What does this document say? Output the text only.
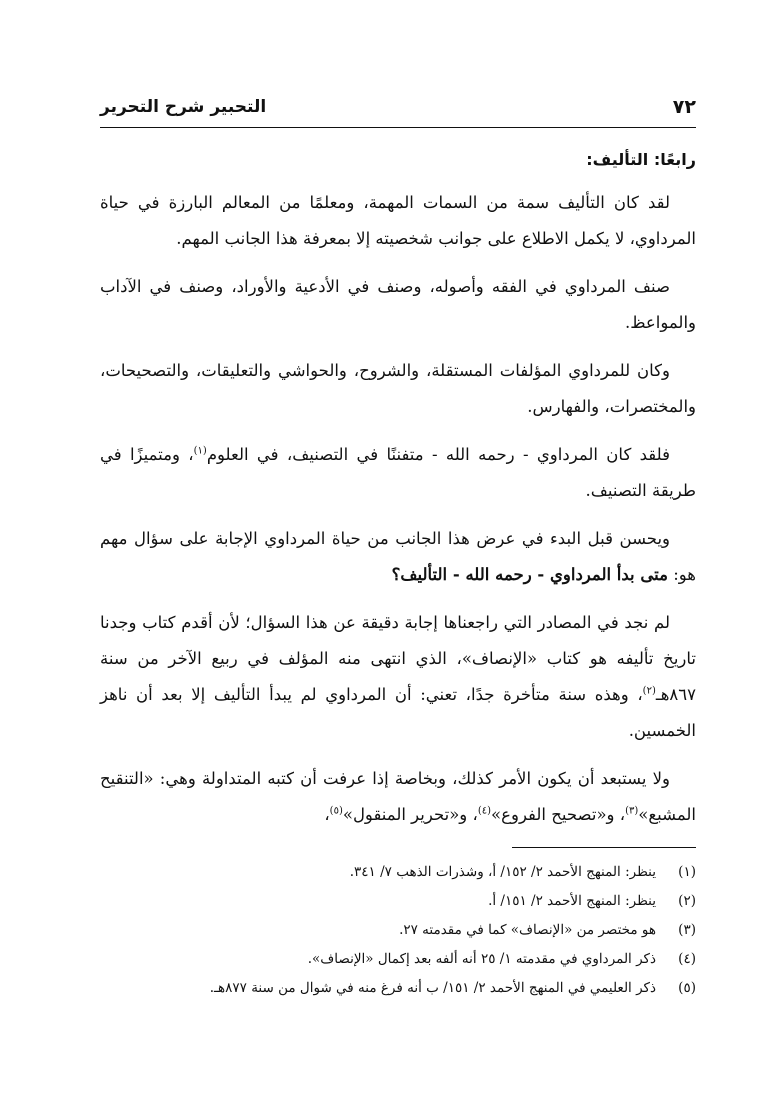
٧٢
التحبير شرح التحرير
رابعًا: التأليف:

لقد كان التأليف سمة من السمات المهمة، ومعلمًا من المعالم البارزة في حياة المرداوي، لا يكمل الاطلاع على جوانب شخصيته إلا بمعرفة هذا الجانب المهم.

صنف المرداوي في الفقه وأصوله، وصنف في الأدعية والأوراد، وصنف في الآداب والمواعظ.

وكان للمرداوي المؤلفات المستقلة، والشروح، والحواشي والتعليقات، والتصحيحات، والمختصرات، والفهارس.

فلقد كان المرداوي - رحمه الله - متفننًا في التصنيف، في العلوم$^{(١)}$، ومتميزًا في طريقة التصنيف.

ويحسن قبل البدء في عرض هذا الجانب من حياة المرداوي الإجابة على سؤال مهم هو: متى بدأ المرداوي - رحمه الله - التأليف؟

لم نجد في المصادر التي راجعناها إجابة دقيقة عن هذا السؤال؛ لأن أقدم كتاب وجدنا تاريخ تأليفه هو كتاب «الإنصاف»، الذي انتهى منه المؤلف في ربيع الآخر من سنة ٨٦٧هـ$^{(٢)}$، وهذه سنة متأخرة جدًا، تعني: أن المرداوي لم يبدأ التأليف إلا بعد أن ناهز الخمسين.

ولا يستبعد أن يكون الأمر كذلك، وبخاصة إذا عرفت أن كتبه المتداولة وهي: «التنقيح المشبع»$^{(٣)}$، و«تصحيح الفروع»$^{(٤)}$، و«تحرير المنقول»$^{(٥)}$،

(١)
ينظر: المنهج الأحمد ٢/ ١٥٢/ أ، وشذرات الذهب ٧/ ٣٤١.
(٢)
ينظر: المنهج الأحمد ٢/ ١٥١/ أ.
(٣)
هو مختصر من «الإنصاف» كما في مقدمته ٢٧.
(٤)
ذكر المرداوي في مقدمته ١/ ٢٥ أنه ألفه بعد إكمال «الإنصاف».
(٥)
ذكر العليمي في المنهج الأحمد ٢/ ١٥١/ ب أنه فرغ منه في شوال من سنة ٨٧٧هـ.
